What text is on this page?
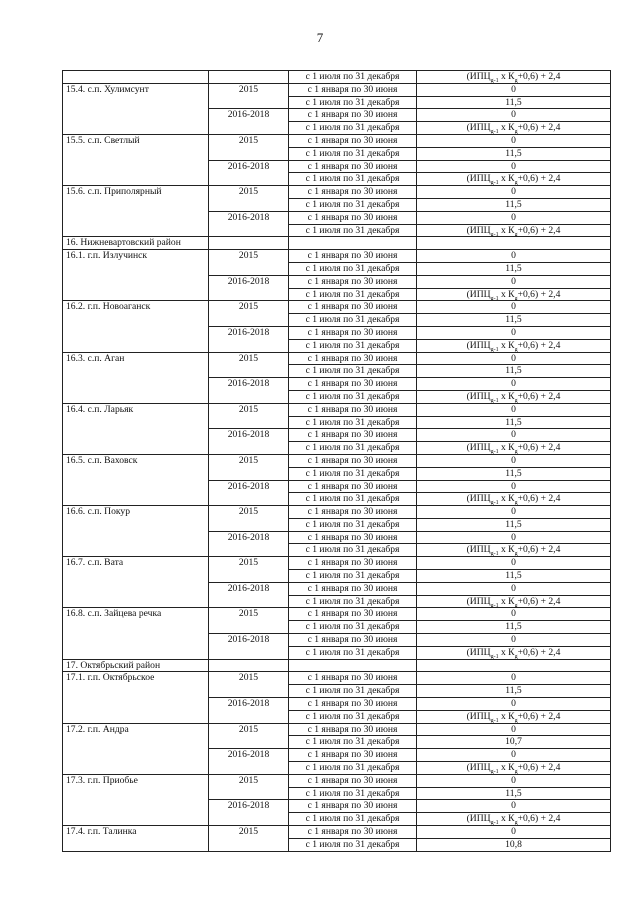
7
		с 1 июля по 31 декабря	($ИПЦ_{g-1}$ х $К_g+0,6) + 2,4$
15.4. с.п. Хулимсунт	2015	с 1 января по 30 июня	0
		с 1 июля по 31 декабря	11,5
	2016-2018	с 1 января по 30 июня	0
		с 1 июля по 31 декабря	($ИПЦ_{g-1}$ х $К_g+0,6) + 2,4$
15.5. с.п. Светлый	2015	с 1 января по 30 июня	0
		с 1 июля по 31 декабря	11,5
	2016-2018	с 1 января по 30 июня	0
		с 1 июля по 31 декабря	($ИПЦ_{g-1}$ х $К_g+0,6) + 2,4$
15.6. с.п. Приполярный	2015	с 1 января по 30 июня	0
		с 1 июля по 31 декабря	11,5
	2016-2018	с 1 января по 30 июня	0
		с 1 июля по 31 декабря	($ИПЦ_{g-1}$ х $К_g+0,6) + 2,4$
16. Нижневартовский район			
16.1. г.п. Излучинск	2015	с 1 января по 30 июня	0
		с 1 июля по 31 декабря	11,5
	2016-2018	с 1 января по 30 июня	0
		с 1 июля по 31 декабря	($ИПЦ_{g-1}$ х $К_g+0,6) + 2,4$
16.2. г.п. Новоаганск	2015	с 1 января по 30 июня	0
		с 1 июля по 31 декабря	11,5
	2016-2018	с 1 января по 30 июня	0
		с 1 июля по 31 декабря	($ИПЦ_{g-1}$ х $К_g+0,6) + 2,4$
16.3. с.п. Аган	2015	с 1 января по 30 июня	0
		с 1 июля по 31 декабря	11,5
	2016-2018	с 1 января по 30 июня	0
		с 1 июля по 31 декабря	($ИПЦ_{g-1}$ х $К_g+0,6) + 2,4$
16.4. с.п. Ларьяк	2015	с 1 января по 30 июня	0
		с 1 июля по 31 декабря	11,5
	2016-2018	с 1 января по 30 июня	0
		с 1 июля по 31 декабря	($ИПЦ_{g-1}$ х $К_g+0,6) + 2,4$
16.5. с.п. Ваховск	2015	с 1 января по 30 июня	0
		с 1 июля по 31 декабря	11,5
	2016-2018	с 1 января по 30 июня	0
		с 1 июля по 31 декабря	($ИПЦ_{g-1}$ х $К_g+0,6) + 2,4$
16.6. с.п. Покур	2015	с 1 января по 30 июня	0
		с 1 июля по 31 декабря	11,5
	2016-2018	с 1 января по 30 июня	0
		с 1 июля по 31 декабря	($ИПЦ_{g-1}$ х $К_g+0,6) + 2,4$
16.7. с.п. Вата	2015	с 1 января по 30 июня	0
		с 1 июля по 31 декабря	11,5
	2016-2018	с 1 января по 30 июня	0
		с 1 июля по 31 декабря	($ИПЦ_{g-1}$ х $К_g+0,6) + 2,4$
16.8. с.п. Зайцева речка	2015	с 1 января по 30 июня	0
		с 1 июля по 31 декабря	11,5
	2016-2018	с 1 января по 30 июня	0
		с 1 июля по 31 декабря	($ИПЦ_{g-1}$ х $К_g+0,6) + 2,4$
17. Октябрьский район			
17.1. г.п. Октябрьское	2015	с 1 января по 30 июня	0
		с 1 июля по 31 декабря	11,5
	2016-2018	с 1 января по 30 июня	0
		с 1 июля по 31 декабря	($ИПЦ_{g-1}$ х $К_g+0,6) + 2,4$
17.2. г.п. Андра	2015	с 1 января по 30 июня	0
		с 1 июля по 31 декабря	10,7
	2016-2018	с 1 января по 30 июня	0
		с 1 июля по 31 декабря	($ИПЦ_{g-1}$ х $К_g+0,6) + 2,4$
17.3. г.п. Приобье	2015	с 1 января по 30 июня	0
		с 1 июля по 31 декабря	11,5
	2016-2018	с 1 января по 30 июня	0
		с 1 июля по 31 декабря	($ИПЦ_{g-1}$ х $К_g+0,6) + 2,4$
17.4. г.п. Талинка	2015	с 1 января по 30 июня	0
		с 1 июля по 31 декабря	10,8
